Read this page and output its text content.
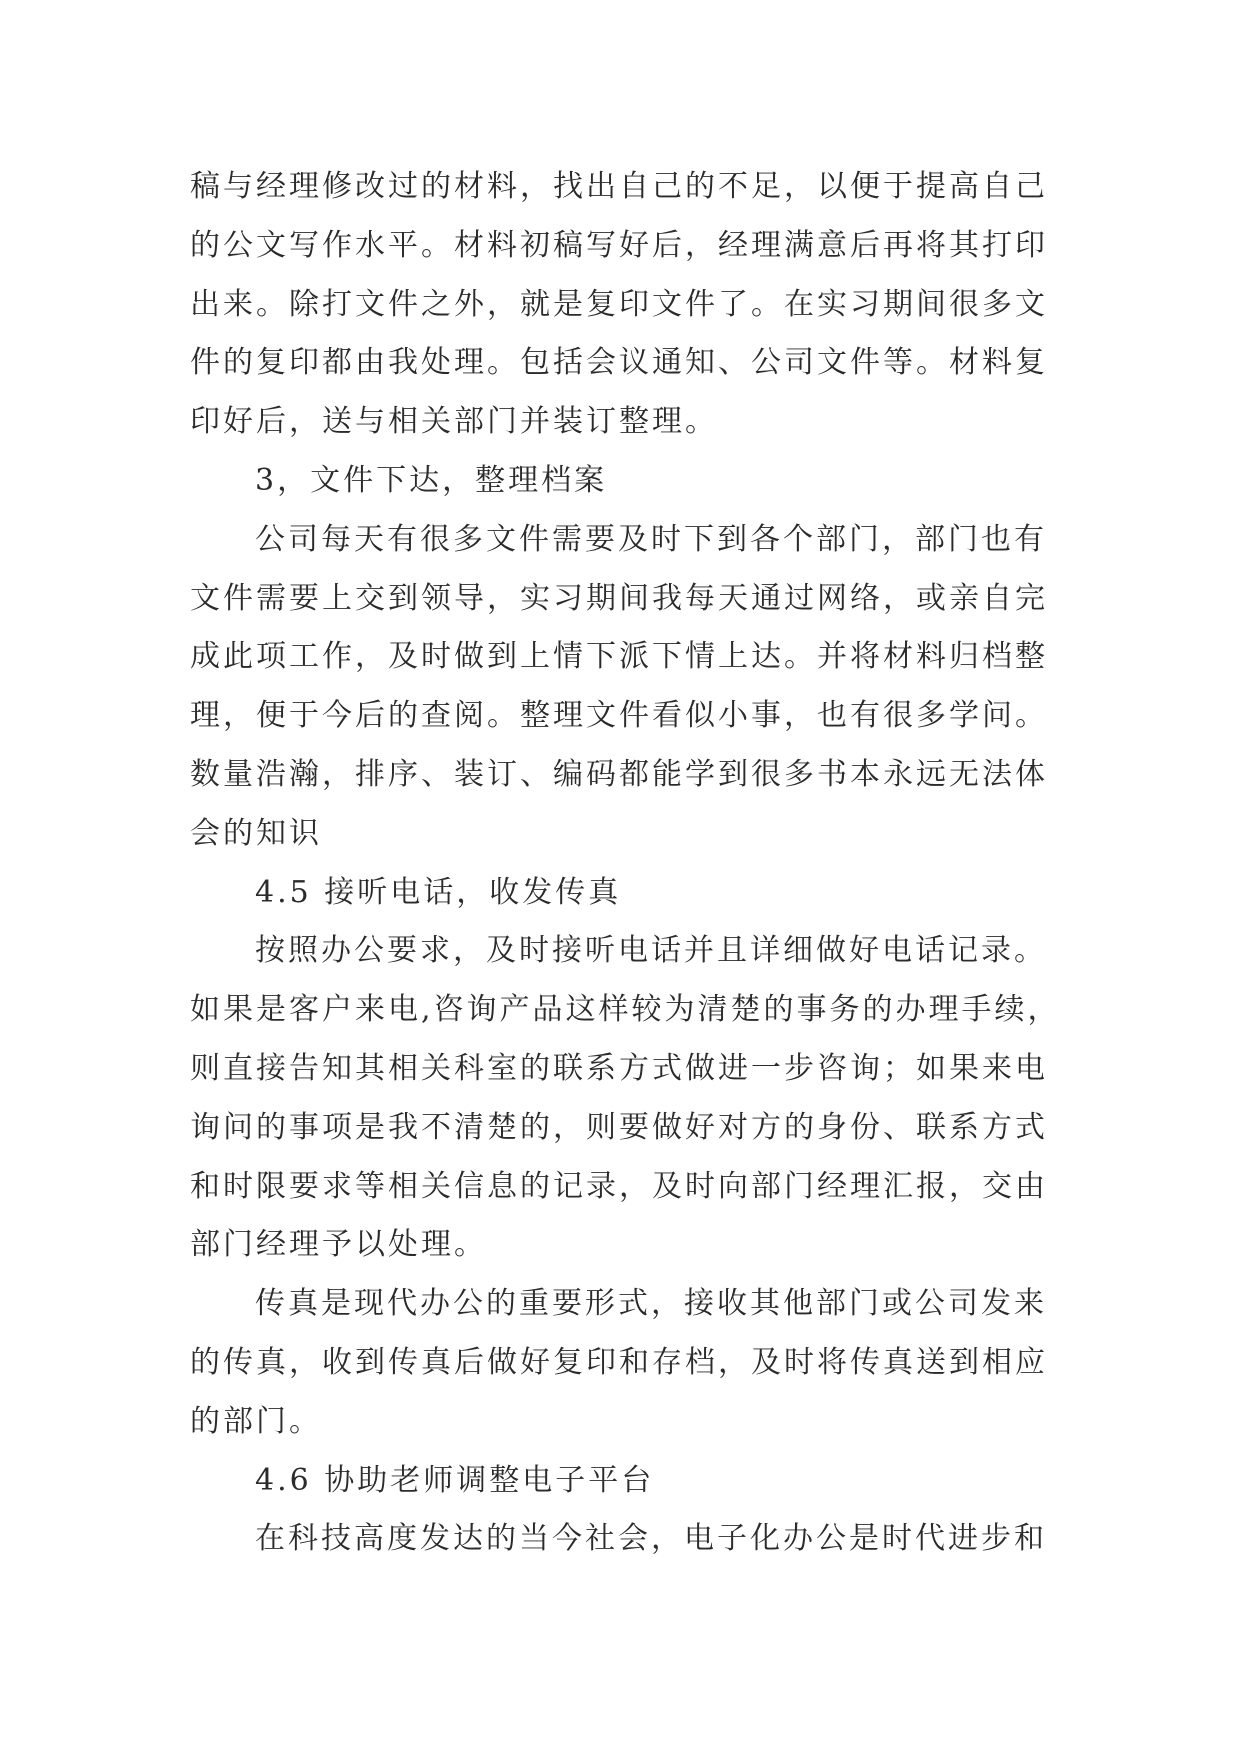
稿与经理修改过的材料，找出自己的不足，以便于提高自己
的公文写作水平。材料初稿写好后，经理满意后再将其打印
出来。除打文件之外，就是复印文件了。在实习期间很多文
件的复印都由我处理。包括会议通知、公司文件等。材料复
印好后，送与相关部门并装订整理。
3，文件下达，整理档案
公司每天有很多文件需要及时下到各个部门，部门也有
文件需要上交到领导，实习期间我每天通过网络，或亲自完
成此项工作，及时做到上情下派下情上达。并将材料归档整
理，便于今后的查阅。整理文件看似小事，也有很多学问。
数量浩瀚，排序、装订、编码都能学到很多书本永远无法体
会的知识
4.5 接听电话，收发传真
按照办公要求，及时接听电话并且详细做好电话记录。
如果是客户来电,咨询产品这样较为清楚的事务的办理手续，
则直接告知其相关科室的联系方式做进一步咨询；如果来电
询问的事项是我不清楚的，则要做好对方的身份、联系方式
和时限要求等相关信息的记录，及时向部门经理汇报，交由
部门经理予以处理。
传真是现代办公的重要形式，接收其他部门或公司发来
的传真，收到传真后做好复印和存档，及时将传真送到相应
的部门。
4.6 协助老师调整电子平台
在科技高度发达的当今社会，电子化办公是时代进步和
